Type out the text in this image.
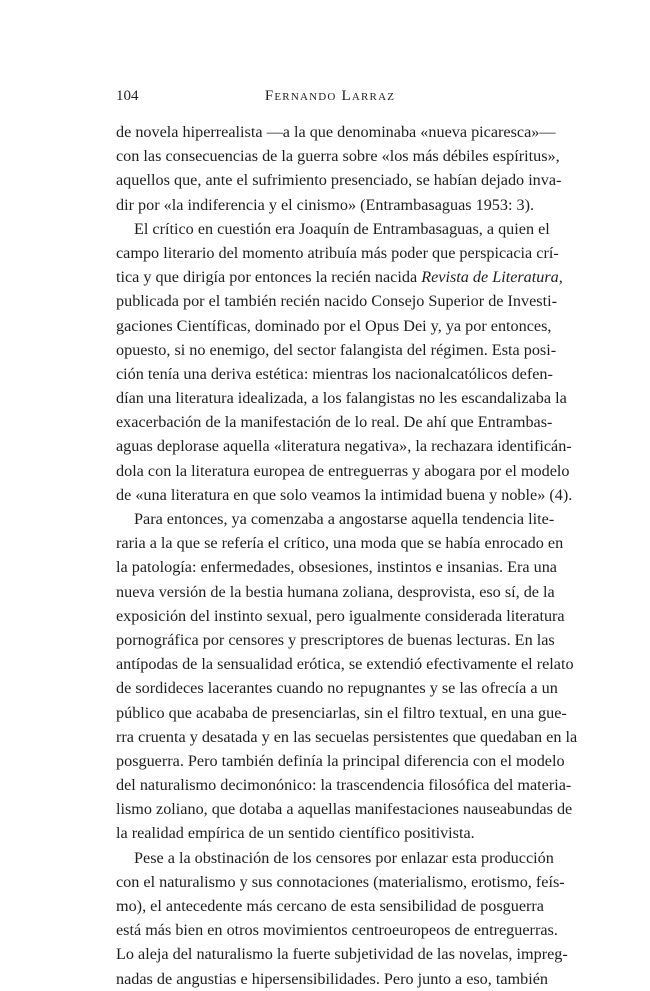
104	Fernando Larraz
de novela hiperrealista —a la que denominaba «nueva picaresca»—
con las consecuencias de la guerra sobre «los más débiles espíritus»,
aquellos que, ante el sufrimiento presenciado, se habían dejado inva-
dir por «la indiferencia y el cinismo» (Entrambasaguas 1953: 3).
El crítico en cuestión era Joaquín de Entrambasaguas, a quien el
campo literario del momento atribuía más poder que perspicacia crí-
tica y que dirigía por entonces la recién nacida Revista de Literatura,
publicada por el también recién nacido Consejo Superior de Investi-
gaciones Científicas, dominado por el Opus Dei y, ya por entonces,
opuesto, si no enemigo, del sector falangista del régimen. Esta posi-
ción tenía una deriva estética: mientras los nacionalcatólicos defen-
dían una literatura idealizada, a los falangistas no les escandalizaba la
exacerbación de la manifestación de lo real. De ahí que Entrambas-
aguas deplorase aquella «literatura negativa», la rechazara identificán-
dola con la literatura europea de entreguerras y abogara por el modelo
de «una literatura en que solo veamos la intimidad buena y noble» (4).
Para entonces, ya comenzaba a angostarse aquella tendencia lite-
raria a la que se refería el crítico, una moda que se había enrocado en
la patología: enfermedades, obsesiones, instintos e insanias. Era una
nueva versión de la bestia humana zoliana, desprovista, eso sí, de la
exposición del instinto sexual, pero igualmente considerada literatura
pornográfica por censores y prescriptores de buenas lecturas. En las
antípodas de la sensualidad erótica, se extendió efectivamente el relato
de sordideces lacerantes cuando no repugnantes y se las ofrecía a un
público que acababa de presenciarlas, sin el filtro textual, en una gue-
rra cruenta y desatada y en las secuelas persistentes que quedaban en la
posguerra. Pero también definía la principal diferencia con el modelo
del naturalismo decimonónico: la trascendencia filosófica del materia-
lismo zoliano, que dotaba a aquellas manifestaciones nauseabundas de
la realidad empírica de un sentido científico positivista.
Pese a la obstinación de los censores por enlazar esta producción
con el naturalismo y sus connotaciones (materialismo, erotismo, feís-
mo), el antecedente más cercano de esta sensibilidad de posguerra
está más bien en otros movimientos centroeuropeos de entreguerras.
Lo aleja del naturalismo la fuerte subjetividad de las novelas, impreg-
nadas de angustias e hipersensibilidades. Pero junto a eso, también
